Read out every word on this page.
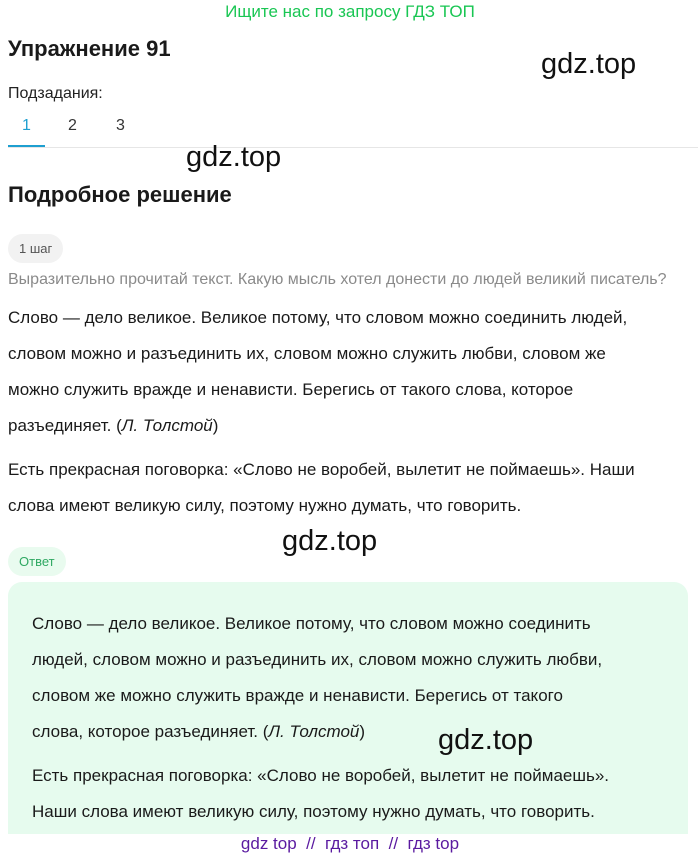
Ищите нас по запросу ГДЗ ТОП
Упражнение 91	gdz.top
Подзадания:
1	2	3
gdz.top
Подробное решение
1 шаг
Выразительно прочитай текст. Какую мысль хотел донести до людей великий писатель?
Слово — дело великое. Великое потому, что словом можно соединить людей,
словом можно и разъединить их, словом можно служить любви, словом же
можно служить вражде и ненависти. Берегись от такого слова, которое
разъединяет. (Л. Толстой)
Есть прекрасная поговорка: «Слово не воробей, вылетит не поймаешь». Наши
слова имеют великую силу, поэтому нужно думать, что говорить.
gdz.top
Ответ
Слово — дело великое. Великое потому, что словом можно соединить
людей, словом можно и разъединить их, словом можно служить любви,
словом же можно служить вражде и ненависти. Берегись от такого
слова, которое разъединяет. (Л. Толстой)
Есть прекрасная поговорка: «Слово не воробей, вылетит не поймаешь».
Наши слова имеют великую силу, поэтому нужно думать, что говорить.
gdz.top
gdz top // гдз топ // гдз top
